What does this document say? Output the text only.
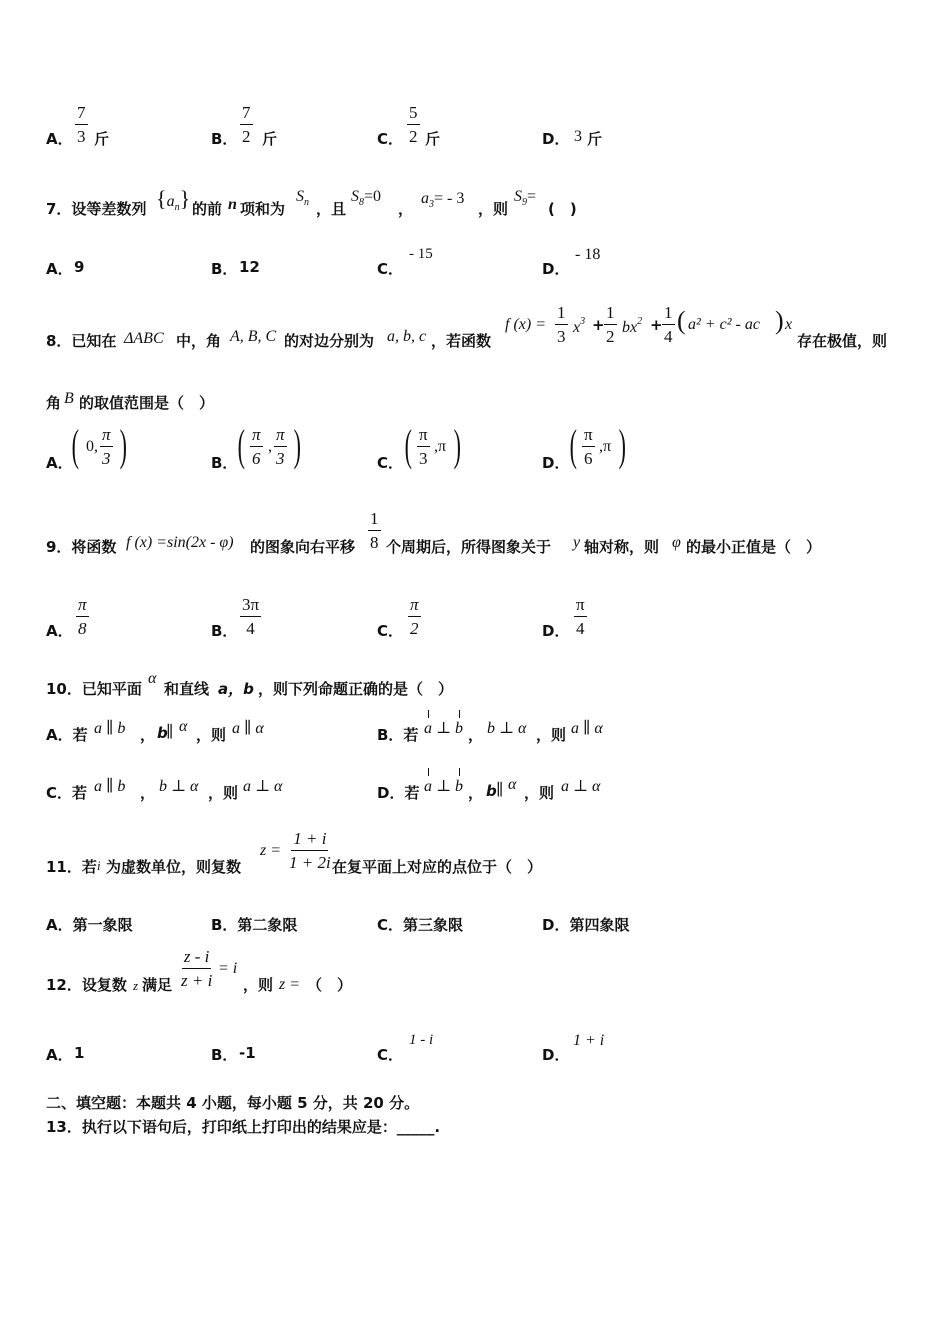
A． $\frac{7}{3}$ 斤	B． $\frac{7}{2}$ 斤	C． $\frac{5}{2}$ 斤	D． 3 斤
7．设等差数列 $\{a_n\}$ 的前 n 项和为
$S_n$ ，且
$S_8=0$
，
$a_3= - 3$
，则
$S_9=$
(　)
A． 9	B． 12	C．
- 15
D．
- 18
8．已知在 ΔABC 中，角 A, B, C 的对边分别为 a, b, c ，若函数
f $(x) = \frac{1}{3} x^3 + \frac{1}{2} bx^2 + \frac{1}{4}$ ( a² + c² - ac ) x
存在极值，则
角 B 的取值范围是（　）
A． ( 0, $\frac{\pi}{3}$ )	B． ( $\frac{\pi}{6}$ , $\frac{\pi}{3}$ )	C． ( $\frac{\pi}{3} ,\pi$ )	D． ( $\frac{\pi}{6} ,\pi$ )
9．将函数 f (x) =sin(2x - φ) 的图象向右平移 $\frac{1}{8}$ 个周期后，所得图象关于 y 轴对称，则 φ 的最小正值是（　）
A． $\frac{\pi}{8}$	B． $\frac{3\pi}{4}$	C． $\frac{\pi}{2}$	D． $\frac{\pi}{4}$
10．已知平面
α
和直线 a，b ，则下列命题正确的是（　）
A．若 a ∥ b ， b
∥ α ，则 a ∥ α	B．若 a ⊥ b ， b ⊥ α ，则 a ∥ α
C．若 a ∥ b ， b ⊥ α ，则 a ⊥ α	D．若 a ⊥ b ， b ∥ α ，则 a ⊥ α
11．若 i 为虚数单位，则复数
$z = \frac{1 + i}{1 + 2i}$ 在复平面上对应的点位于（　）
A．第一象限	B．第二象限	C．第三象限	D．第四象限
12．设复数 z 满足 $\frac{z - i}{z + i} = i$
，则 z = （　）
A． 1	B． -1	C．
1 - i
D．
1 + i
二、填空题：本题共 4 小题，每小题 5 分，共 20 分。
13．执行以下语句后，打印纸上打印出的结果应是：_____.
